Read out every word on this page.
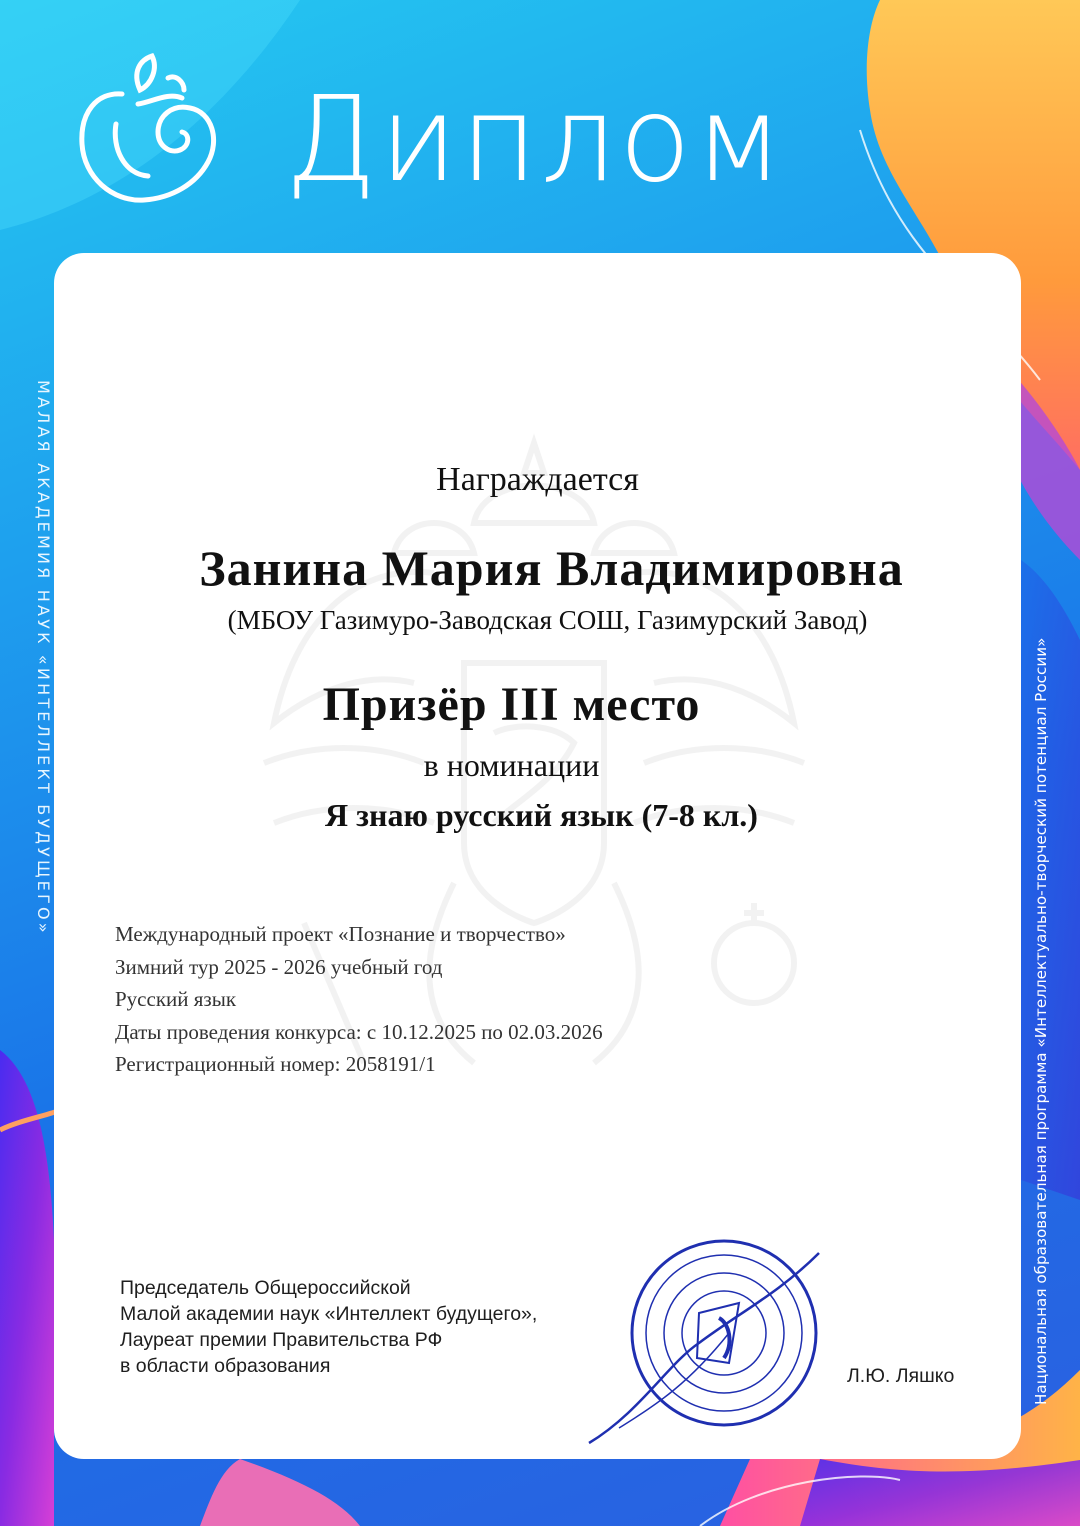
Диплом
МАЛАЯ АКАДЕМИЯ НАУК «ИНТЕЛЛЕКТ БУДУЩЕГО»	Национальная образовательная программа «Интеллектуально-творческий потенциал России»
Награждается
Занина Мария Владимировна
(МБОУ Газимуро-Заводская СОШ, Газимурский Завод)
Призёр III место
в номинации
Я знаю русский язык (7-8 кл.)
Международный проект «Познание и творчество»
Зимний тур 2025 - 2026 учебный год
Русский язык
Даты проведения конкурса: с 10.12.2025 по 02.03.2026
Регистрационный номер: 2058191/1
Председатель Общероссийской
Малой академии наук «Интеллект будущего»,
Лауреат премии Правительства РФ
в области образования	Л.Ю. Ляшко
